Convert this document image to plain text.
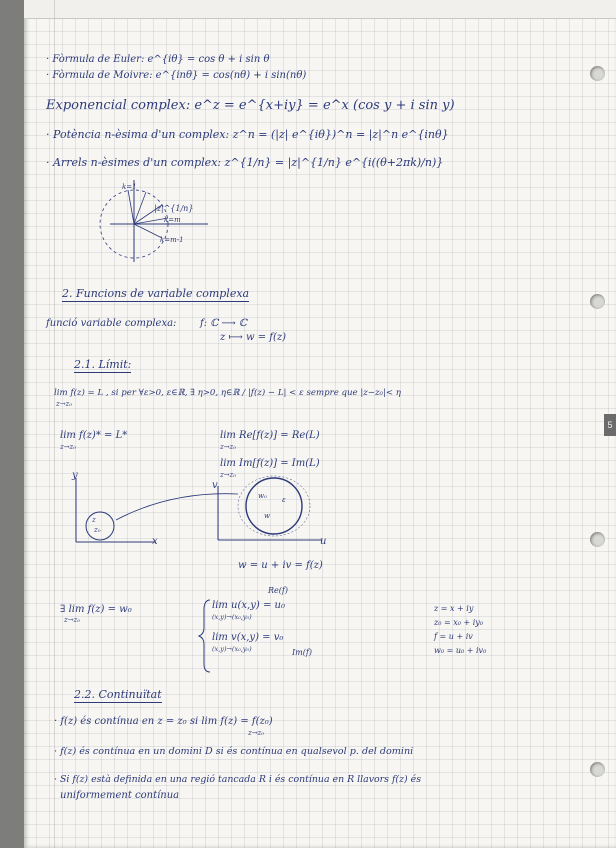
5
· Fòrmula de Euler: e^{iθ} = cos θ + i sin θ
· Fòrmula de Moivre: e^{inθ} = cos(nθ) + i sin(nθ)
Exponencial complex: e^z = e^{x+iy} = e^x (cos y + i sin y)
· Potència n-èsima d'un complex: z^n = (|z| e^{iθ})^n = |z|^n e^{inθ}
· Arrels n-èsimes d'un complex: z^{1/n} = |z|^{1/n} e^{i((θ+2πk)/n)}
k=1
|z|^{1/n}
k=m
k=m-1
2. Funcions de variable complexa
funció variable complexa: f: ℂ ⟶ ℂ
z ⟼ w = f(z)
2.1. Límit:
lim f(z) = L , si per ∀ε>0, ε∈ℝ, ∃ η>0, η∈ℝ / |f(z) − L| < ε sempre que |z−z₀|< η
z→z₀
lim f(z)* = L*
z→z₀
lim Re[f(z)] = Re(L)
z→z₀
lim Im[f(z)] = Im(L)
z→z₀
y
x
v
u
z
z₀
w₀ ε
w
w = u + iv = f(z)
∃ lim f(z) = w₀
z→z₀
Re(f)
lim u(x,y) = u₀
(x,y)→(x₀,y₀)
lim v(x,y) = v₀
(x,y)→(x₀,y₀)	Im(f)
z = x + iy
z₀ = x₀ + iy₀
f = u + iv
w₀ = u₀ + iv₀
2.2. Continuïtat
· f(z) és contínua en z = z₀ si lim f(z) = f(z₀)
z→z₀
· f(z) és contínua en un domini D si és contínua en qualsevol p. del domini
· Si f(z) està definida en una regió tancada R i és contínua en R llavors f(z) és
uniformement contínua
